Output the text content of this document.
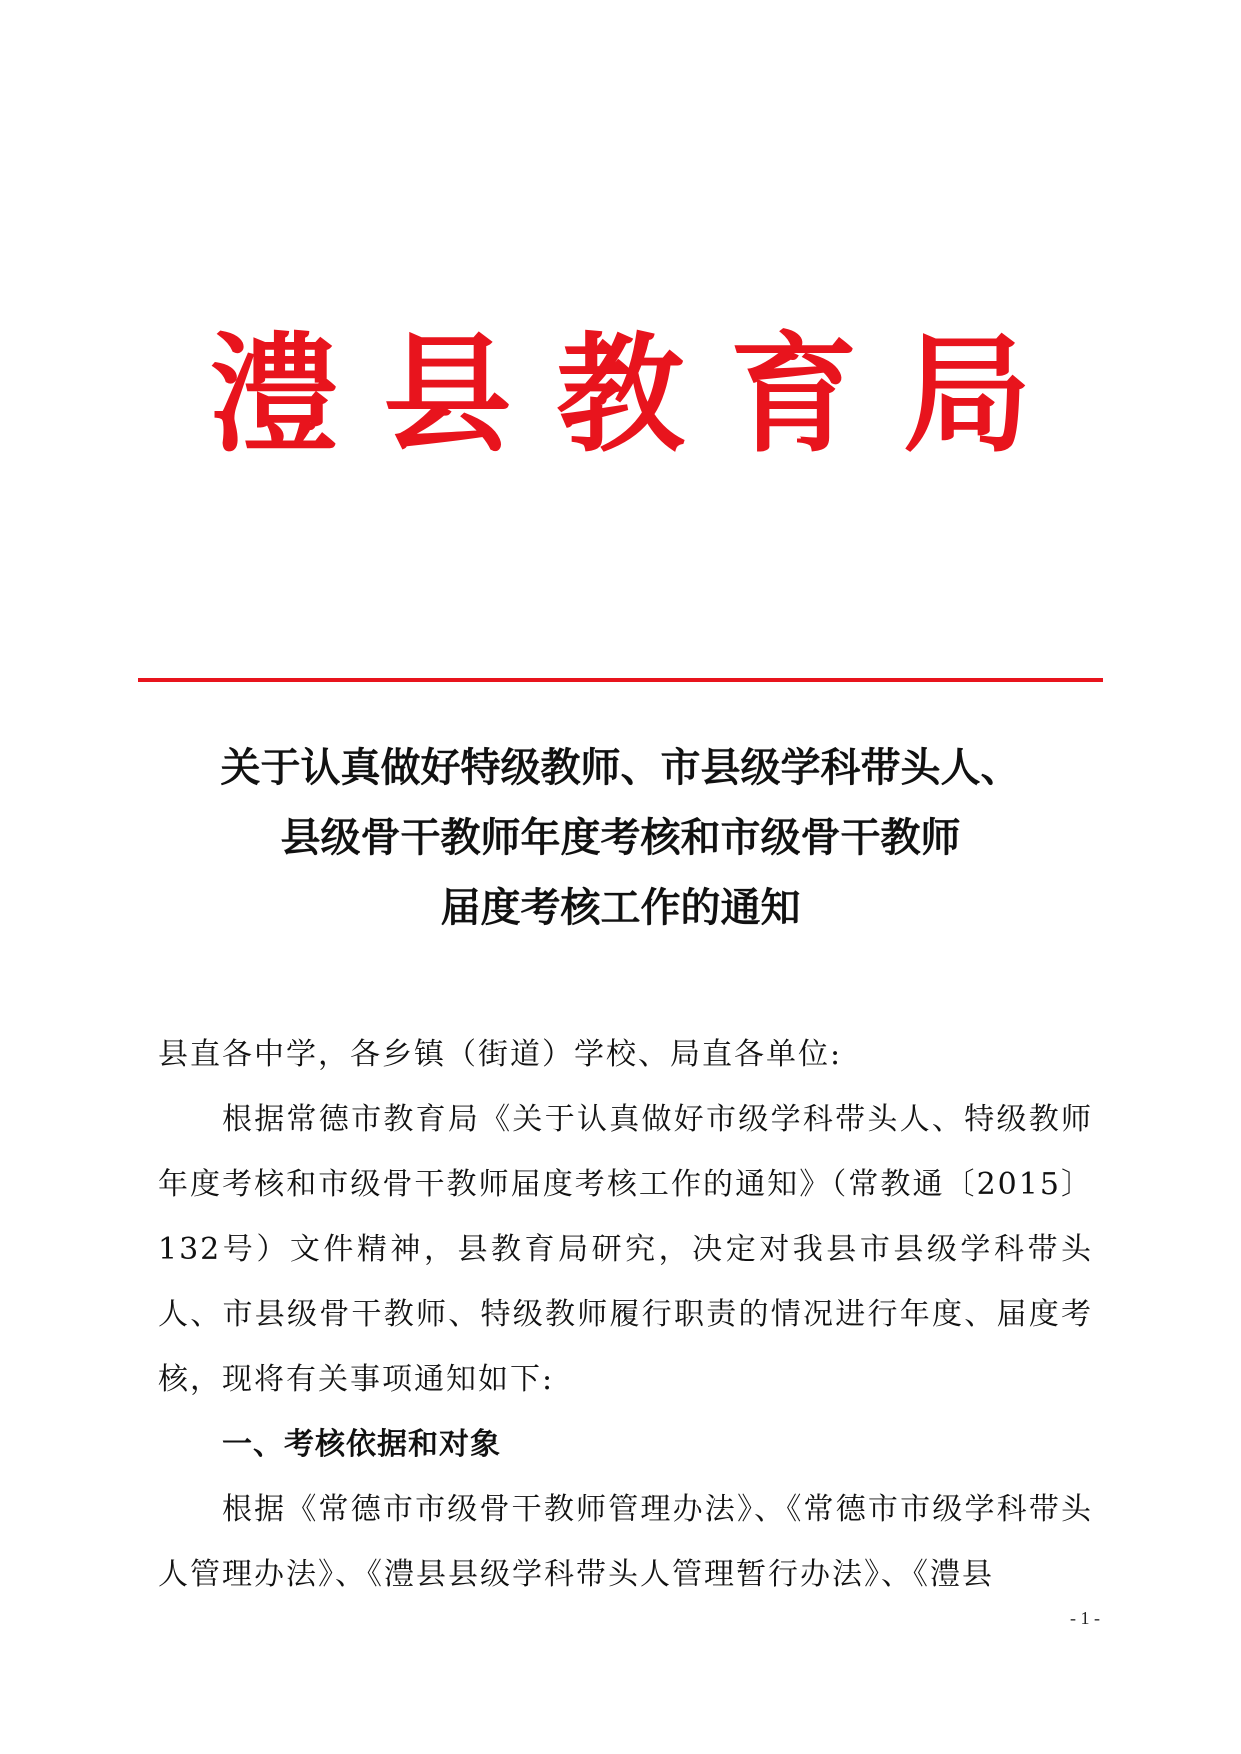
澧 县 教 育 局
关于认真做好特级教师、市县级学科带头人、
县级骨干教师年度考核和市级骨干教师
届度考核工作的通知

县直各中学，各乡镇（街道）学校、局直各单位:

根据常德市教育局《关于认真做好市级学科带头人、特级教师年度考核和市级骨干教师届度考核工作的通知》（常教通〔2015〕132号）文件精神，县教育局研究，决定对我县市县级学科带头人、市县级骨干教师、特级教师履行职责的情况进行年度、届度考核，现将有关事项通知如下:

一、考核依据和对象

根据《常德市市级骨干教师管理办法》、《常德市市级学科带头人管理办法》、《澧县县级学科带头人管理暂行办法》、《澧县

- 1 -
